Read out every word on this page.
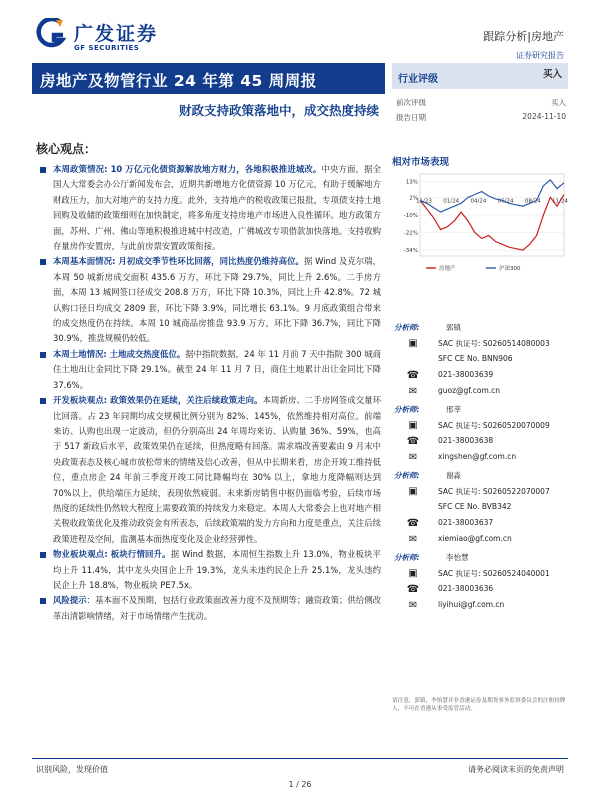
广发证券
GF SECURITIES
跟踪分析|房地产
证券研究报告
房地产及物管行业 24 年第 45 周周报
财政支持政策落地中，成交热度持续
行业评级	买入
前次评级	买入
报告日期	2024-11-10
核心观点：
本周政策情况: 10 万亿元化债资源解放地方财力，各地积极推进城改。中央方面，据全国人大常委会办公厅新闻发布会，近期共新增地方化债资源 10 万亿元，有助于缓解地方财政压力，加大对地产的支持力度。此外，支持地产的税收政策已报批，专项债支持土地回购及收储的政策细则在加快制定，将多角度支持房地产市场进入良性循环。地方政策方面，苏州、广州、佛山等地积极推进城中村改造，广佛城改专项借款加快落地。支持收购存量房作安置房，与此前房票安置政策衔接。
本周基本面情况: 月初成交季节性环比回落，同比热度仍维持高位。据 Wind 及克尔瑞，本周 50 城新房成交面积 435.6 万方，环比下降 29.7%，同比上升 2.6%。二手房方面，本周 13 城网签口径成交 208.8 万方，环比下降 10.3%，同比上升 42.8%。72 城认购口径日均成交 2809 套，环比下降 3.9%，同比增长 63.1%。9 月底政策组合带来的成交热度仍在持续。本周 10 城商品房推盘 93.9 万方，环比下降 36.7%，同比下降 30.9%，推盘规模仍较低。
本周土地情况: 土地成交热度低位。据中指院数据，24 年 11 月前 7 天中指院 300 城商住土地出让金同比下降 29.1%。截至 24 年 11 月 7 日，商住土地累计出让金同比下降 37.6%。
开发板块观点: 政策效果仍在延续，关注后续政策走向。本周新房、二手房网签成交量环比回落。占 23 年同期均成交规模比例分别为 82%、145%，依然维持相对高位。前端来访、认购也出现一定波动，但仍分别高出 24 年周均来访、认购量 36%、59%，也高于 517 新政后水平，政策效果仍在延续，但热度略有回落。需求端改善要素由 9 月末中央政策表态及核心城市放松带来的情绪及信心改善，但从中长期来看，房企开竣工维持低位，重点房企 24 年前三季度开竣工同比降幅均在 30% 以上，拿地力度降幅则达到 70%以上，供给端压力延续，表现依然疲弱。未来新房销售中枢仍面临考验，后续市场热度的延续性仍然较大程度上需要政策的持续发力来稳定。本周人大常委会上也对地产相关税收政策优化及推动政资金有所表态，后续政策端的发力方向和力度是重点，关注后续政策进程及空间，监测基本面热度变化及企业经营弹性。
物业板块观点: 板块行情回升。据 Wind 数据，本周恒生指数上升 13.0%，物业板块平均上升 11.4%，其中龙头央国企上升 19.3%，龙头未违约民企上升 25.1%，龙头违约民企上升 18.8%，物业板块 PE7.5x。
风险提示：基本面不及预期，包括行业政策面改善力度不及预期等；融资政策；供给侧改革出清影响情绪，对于市场情绪产生扰动。
相对市场表现
13%
2%
-10%
-22%
-34%
11/23 01/24 04/24 06/24 08/24 11/24
房地产	沪深300
分析师:	郭镇
▣	SAC 执证号: S0260514080003
SFC CE No. BNN906
☎	021-38003639
✉	guoz@gf.com.cn
分析师:	邢莘
▣	SAC 执证号: S0260520070009
☎	021-38003638
✉	xingshen@gf.com.cn
分析师:	谢淼
▣	SAC 执证号: S0260522070007
SFC CE No. BVB342
☎	021-38003637
✉	xiemiao@gf.com.cn
分析师:	李怡慧
▣	SAC 执证号: S0260524040001
☎	021-38003636
✉	liyihui@gf.com.cn
请注意，郭镇、李怡慧并非香港证券及期货事务监察委员会的注册持牌人，不可在香港从事受监管活动。
识别风险，发现价值	请务必阅读末页的免责声明
1 / 26
